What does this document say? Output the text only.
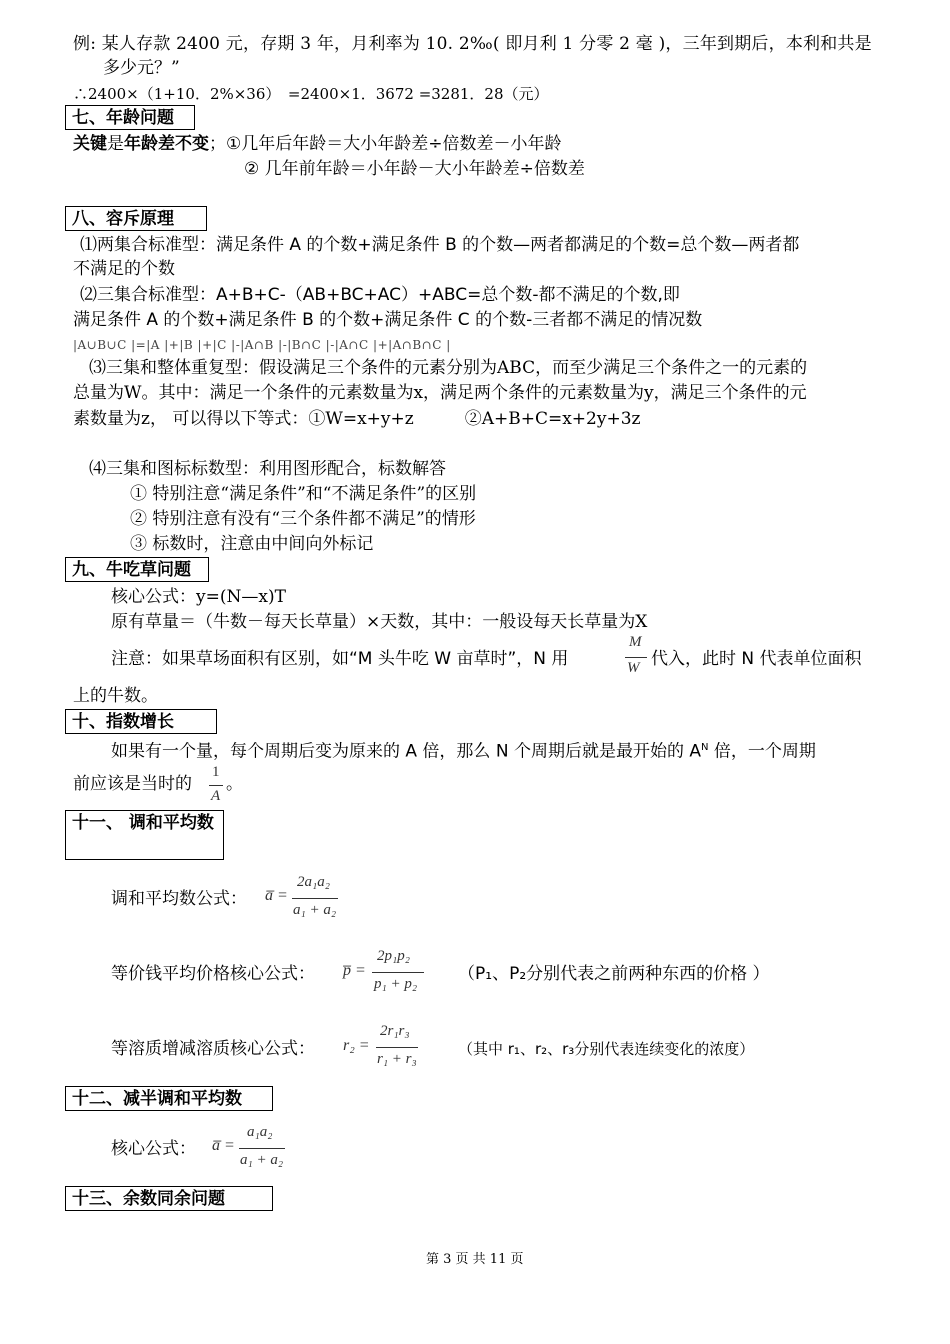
例: 某人存款 2400 元，存期 3 年，月利率为 10. 2‰( 即月利 1 分零 2 毫 )，三年到期后，本利和共是
多少元？”
∴2400×（1+10．2%×36）　=2400×1．3672 =3281．28（元）
七、年龄问题
关键是年龄差不变；①几年后年龄＝大小年龄差÷倍数差－小年龄
② 几年前年龄＝小年龄－大小年龄差÷倍数差
八、容斥原理
⑴两集合标准型：满足条件 A 的个数+满足条件 B 的个数—两者都满足的个数=总个数—两者都
不满足的个数
⑵三集合标准型：A+B+C-（AB+BC+AC）+ABC=总个数-都不满足的个数,即
满足条件 A 的个数+满足条件 B 的个数+满足条件 C 的个数-三者都不满足的情况数
|A∪B∪C |=|A |+|B |+|C |-|A∩B |-|B∩C |-|A∩C |+|A∩B∩C |
⑶三集和整体重复型：假设满足三个条件的元素分别为ABC，而至少满足三个条件之一的元素的
总量为W。其中：满足一个条件的元素数量为x，满足两个条件的元素数量为y，满足三个条件的元
素数量为z， 可以得以下等式：①W=x+y+z　　　②A+B+C=x+2y+3z
⑷三集和图标标数型：利用图形配合，标数解答
① 特别注意“满足条件”和“不满足条件”的区别
② 特别注意有没有“三个条件都不满足”的情形
③ 标数时，注意由中间向外标记
九、牛吃草问题
核心公式：y=(N—x)T
原有草量＝（牛数－每天长草量）×天数，其中：一般设每天长草量为X
注意：如果草场面积有区别，如“M 头牛吃 W 亩草时”，N 用
M
W 代入，此时 N 代表单位面积
上的牛数。
十、指数增长
如果有一个量，每个周期后变为原来的 A 倍，那么 N 个周期后就是最开始的 $A^N$ 倍，一个周期
前应该是当时的
1
A
。
十一、 调和平均数
调和平均数公式： a̅ =
2a₁a₂
a₁ + a₂
等价钱平均价格核心公式： p̅ =
2p₁p₂
p₁ + p₂ （P₁、P₂分别代表之前两种东西的价格 ）
等溶质增减溶质核心公式： r₂ =
2r₁r₃
r₁ + r₃
（其中 r₁、r₂、r₃分别代表连续变化的浓度）
十二、减半调和平均数
核心公式： a̅ =
a₁a₂
a₁ + a₂
十三、余数同余问题
第 3 页 共 11 页
